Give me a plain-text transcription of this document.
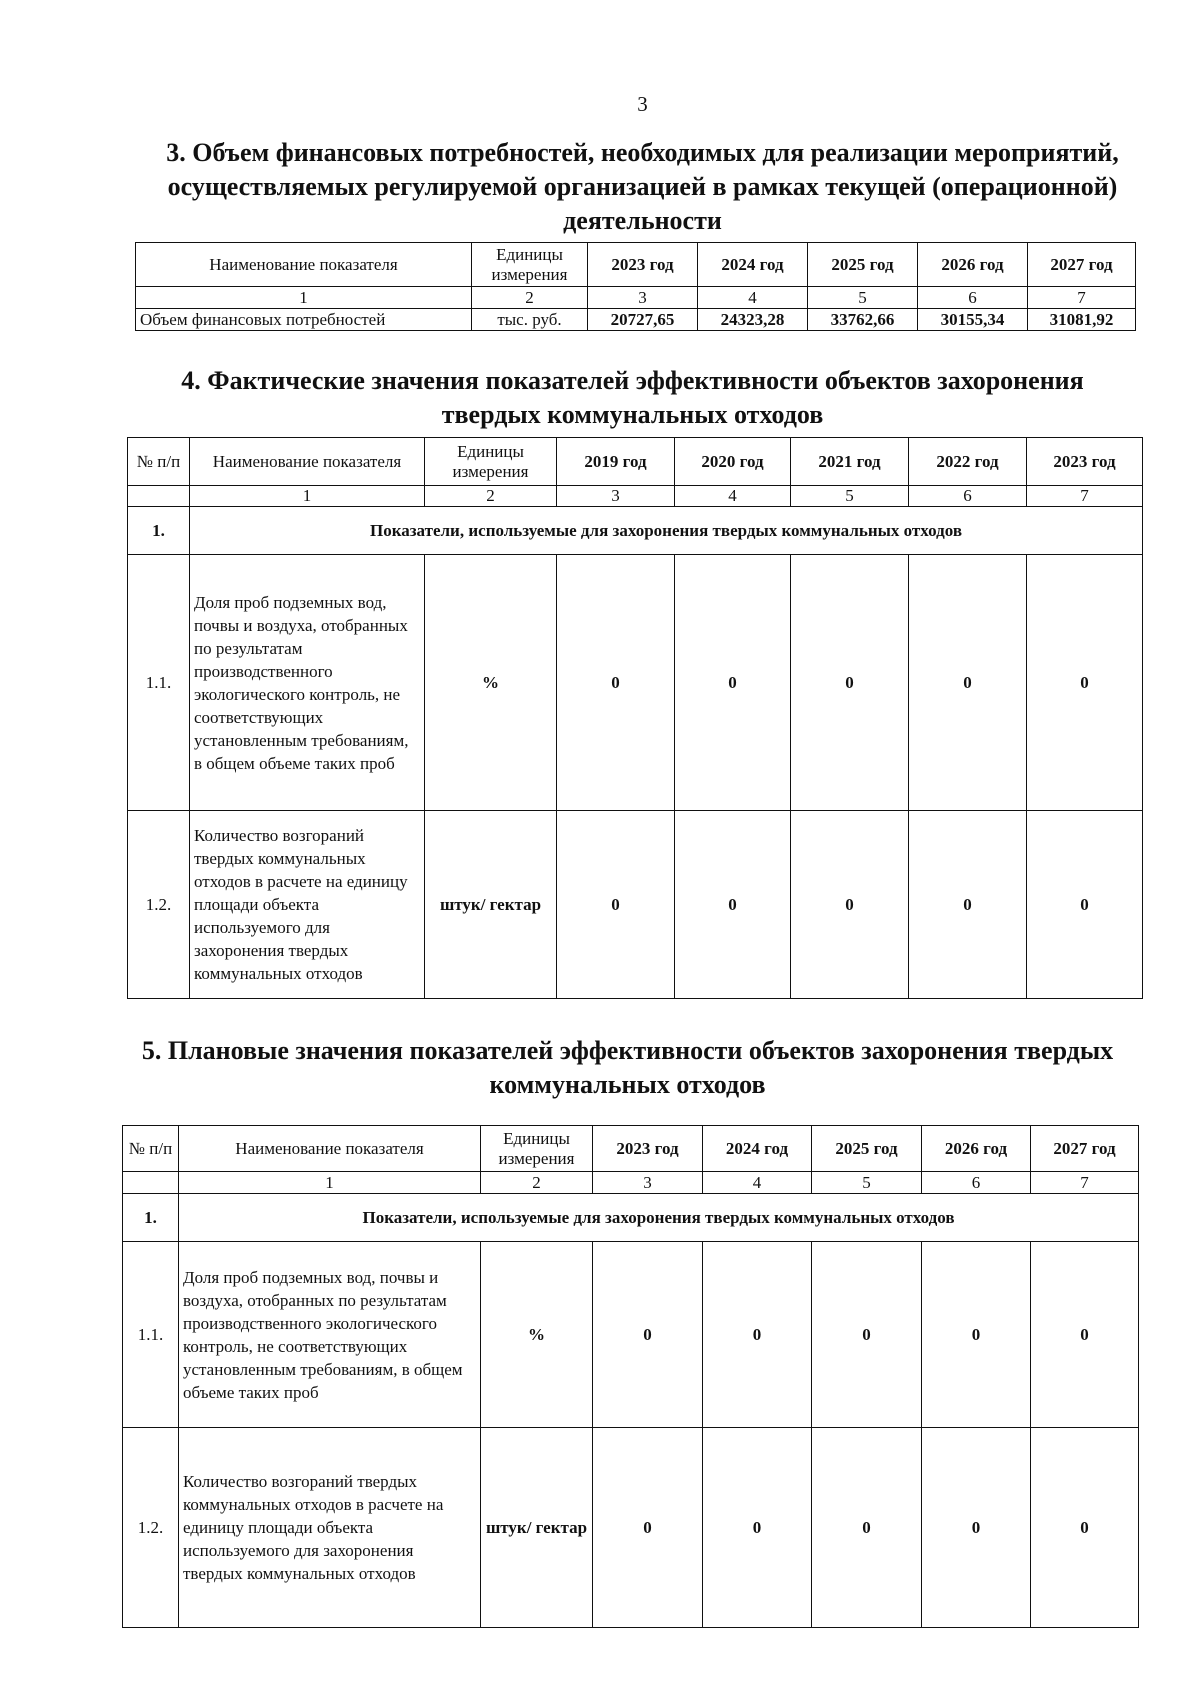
3
3. Объем финансовых потребностей, необходимых для реализации мероприятий, осуществляемых регулируемой организацией в рамках текущей (операционной) деятельности
Наименование показателя	Единицы измерения	2023 год	2024 год	2025 год	2026 год	2027 год
1	2	3	4	5	6	7
Объем финансовых потребностей	тыс. руб.	20727,65	24323,28	33762,66	30155,34	31081,92
4. Фактические значения показателей эффективности объектов захоронения твердых коммунальных отходов
№ п/п	Наименование показателя	Единицы измерения	2019 год	2020 год	2021 год	2022 год	2023 год
	1	2	3	4	5	6	7
1.	Показатели, используемые для захоронения твердых коммунальных отходов						
1.1.	Доля проб подземных вод, почвы и воздуха, отобранных по результатам производственного экологического контроль, не соответствующих установленным требованиям, в общем объеме таких проб	%	0	0	0	0	0
1.2.	Количество возгораний твердых коммунальных отходов в расчете на единицу площади объекта используемого для захоронения твердых коммунальных отходов	штук/ гектар	0	0	0	0	0
5. Плановые значения показателей эффективности объектов захоронения твердых коммунальных отходов
№ п/п	Наименование показателя	Единицы измерения	2023 год	2024 год	2025 год	2026 год	2027 год
	1	2	3	4	5	6	7
1.	Показатели, используемые для захоронения твердых коммунальных отходов						
1.1.	Доля проб подземных вод, почвы и воздуха, отобранных по результатам производственного экологического контроль, не соответствующих установленным требованиям, в общем объеме таких проб	%	0	0	0	0	0
1.2.	Количество возгораний твердых коммунальных отходов в расчете на единицу площади объекта используемого для захоронения твердых коммунальных отходов	штук/ гектар	0	0	0	0	0
